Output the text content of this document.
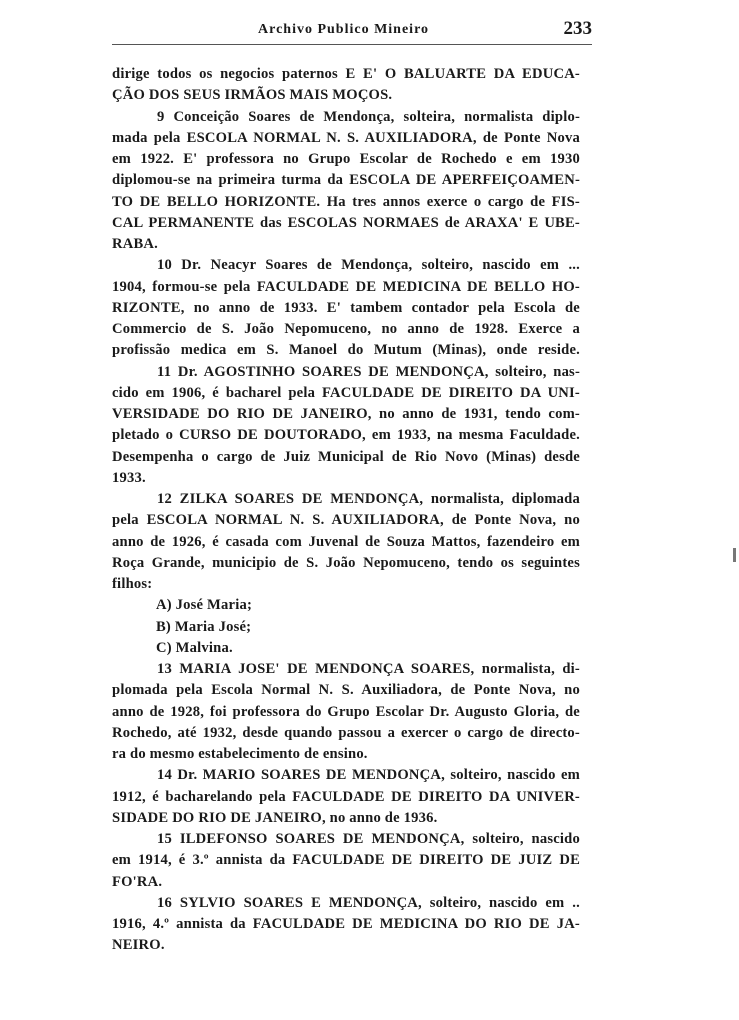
Archivo Publico Mineiro	233
dirige todos os negocios paternos E E' O BALUARTE DA EDUCA-
ÇÃO DOS SEUS IRMÃOS MAIS MOÇOS.
9 Conceição Soares de Mendonça, solteira, normalista diplo-
mada pela ESCOLA NORMAL N. S. AUXILIADORA, de Ponte Nova
em 1922. E' professora no Grupo Escolar de Rochedo e em 1930
diplomou-se na primeira turma da ESCOLA DE APERFEIÇOAMEN-
TO DE BELLO HORIZONTE. Ha tres annos exerce o cargo de FIS-
CAL PERMANENTE das ESCOLAS NORMAES de ARAXA' E UBE-
RABA.
10 Dr. Neacyr Soares de Mendonça, solteiro, nascido em ...
1904, formou-se pela FACULDADE DE MEDICINA DE BELLO HO-
RIZONTE, no anno de 1933. E' tambem contador pela Escola de
Commercio de S. João Nepomuceno, no anno de 1928. Exerce a
profissão medica em S. Manoel do Mutum (Minas), onde reside.
11 Dr. AGOSTINHO SOARES DE MENDONÇA, solteiro, nas-
cido em 1906, é bacharel pela FACULDADE DE DIREITO DA UNI-
VERSIDADE DO RIO DE JANEIRO, no anno de 1931, tendo com-
pletado o CURSO DE DOUTORADO, em 1933, na mesma Faculdade.
Desempenha o cargo de Juiz Municipal de Rio Novo (Minas) desde
1933.
12 ZILKA SOARES DE MENDONÇA, normalista, diplomada
pela ESCOLA NORMAL N. S. AUXILIADORA, de Ponte Nova, no
anno de 1926, é casada com Juvenal de Souza Mattos, fazendeiro em
Roça Grande, municipio de S. João Nepomuceno, tendo os seguintes
filhos:
A) José Maria;
B) Maria José;
C) Malvina.
13 MARIA JOSE' DE MENDONÇA SOARES, normalista, di-
plomada pela Escola Normal N. S. Auxiliadora, de Ponte Nova, no
anno de 1928, foi professora do Grupo Escolar Dr. Augusto Gloria, de
Rochedo, até 1932, desde quando passou a exercer o cargo de directo-
ra do mesmo estabelecimento de ensino.
14 Dr. MARIO SOARES DE MENDONÇA, solteiro, nascido em
1912, é bacharelando pela FACULDADE DE DIREITO DA UNIVER-
SIDADE DO RIO DE JANEIRO, no anno de 1936.
15 ILDEFONSO SOARES DE MENDONÇA, solteiro, nascido
em 1914, é 3.º annista da FACULDADE DE DIREITO DE JUIZ DE
FO'RA.
16 SYLVIO SOARES E MENDONÇA, solteiro, nascido em ..
1916, 4.º annista da FACULDADE DE MEDICINA DO RIO DE JA-
NEIRO.
